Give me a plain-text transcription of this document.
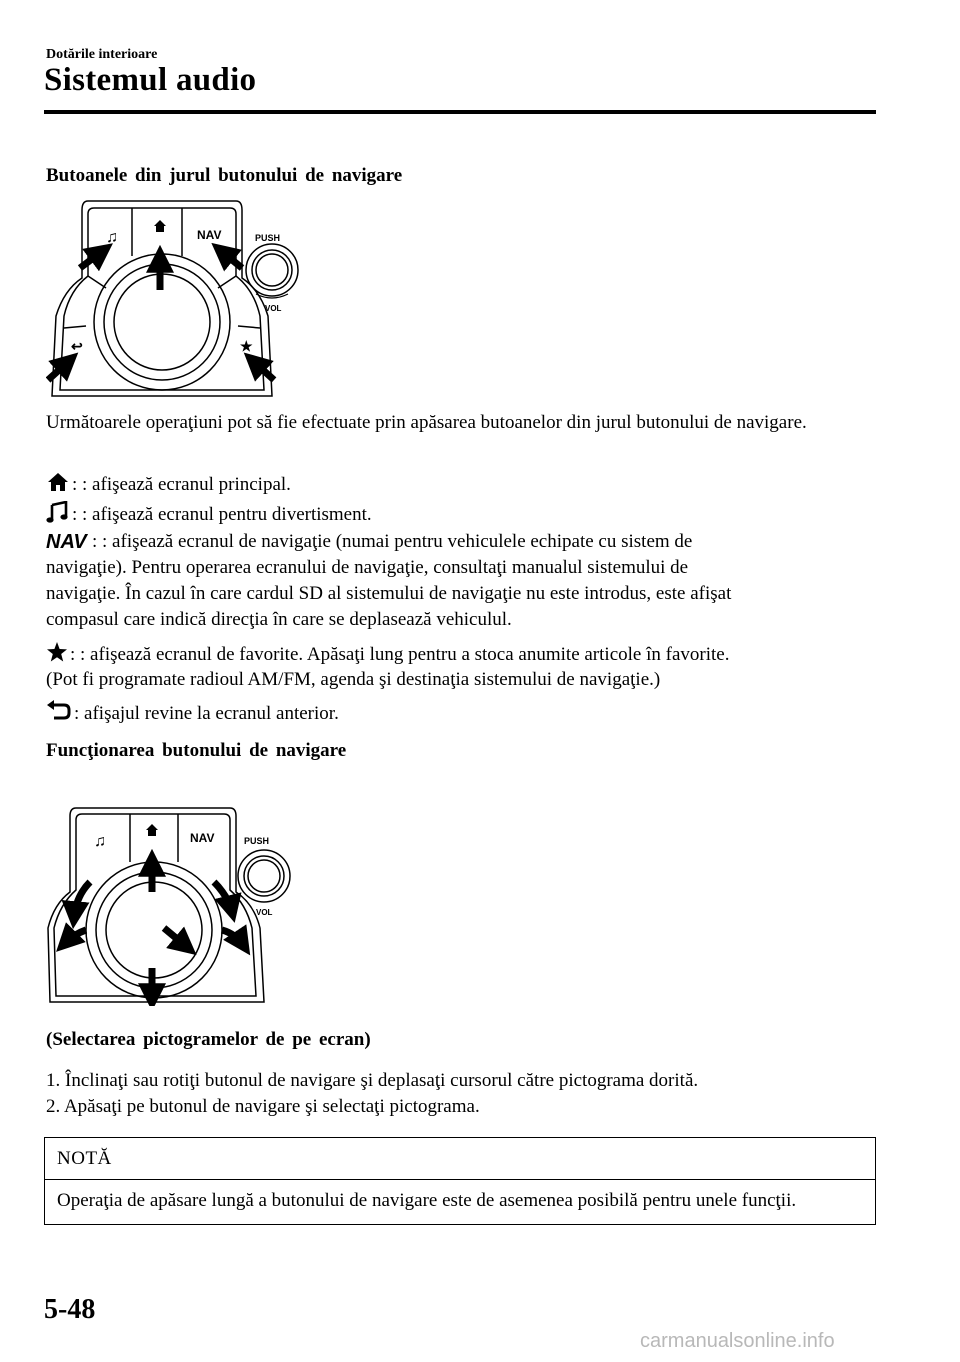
Dotările interioare
Sistemul audio
Butoanele din jurul butonului de navigare
♫	NAV	PUSH
VOL
↩	★
Următoarele operaţiuni pot să fie efectuate prin apăsarea butoanelor din jurul butonului de navigare.
: : afişează ecranul principal.
: : afişează ecranul pentru divertisment.
NAV : : afişează ecranul de navigaţie (numai pentru vehiculele echipate cu sistem de
navigaţie). Pentru operarea ecranului de navigaţie, consultaţi manualul sistemului de
navigaţie. În cazul în care cardul SD al sistemului de navigaţie nu este introdus, este afişat
compasul care indică direcţia în care se deplasează vehiculul.
: : afişează ecranul de favorite. Apăsaţi lung pentru a stoca anumite articole în favorite.
(Pot fi programate radioul AM/FM, agenda şi destinaţia sistemului de navigaţie.)
: afişajul revine la ecranul anterior.
Funcţionarea butonului de navigare
♫	NAV	PUSH
VOL
(Selectarea pictogramelor de pe ecran)
1. Înclinaţi sau rotiţi butonul de navigare şi deplasaţi cursorul către pictograma dorită.
2. Apăsaţi pe butonul de navigare şi selectaţi pictograma.
NOTĂ
Operaţia de apăsare lungă a butonului de navigare este de asemenea posibilă pentru unele funcţii.
5-48
carmanualsonline.info
